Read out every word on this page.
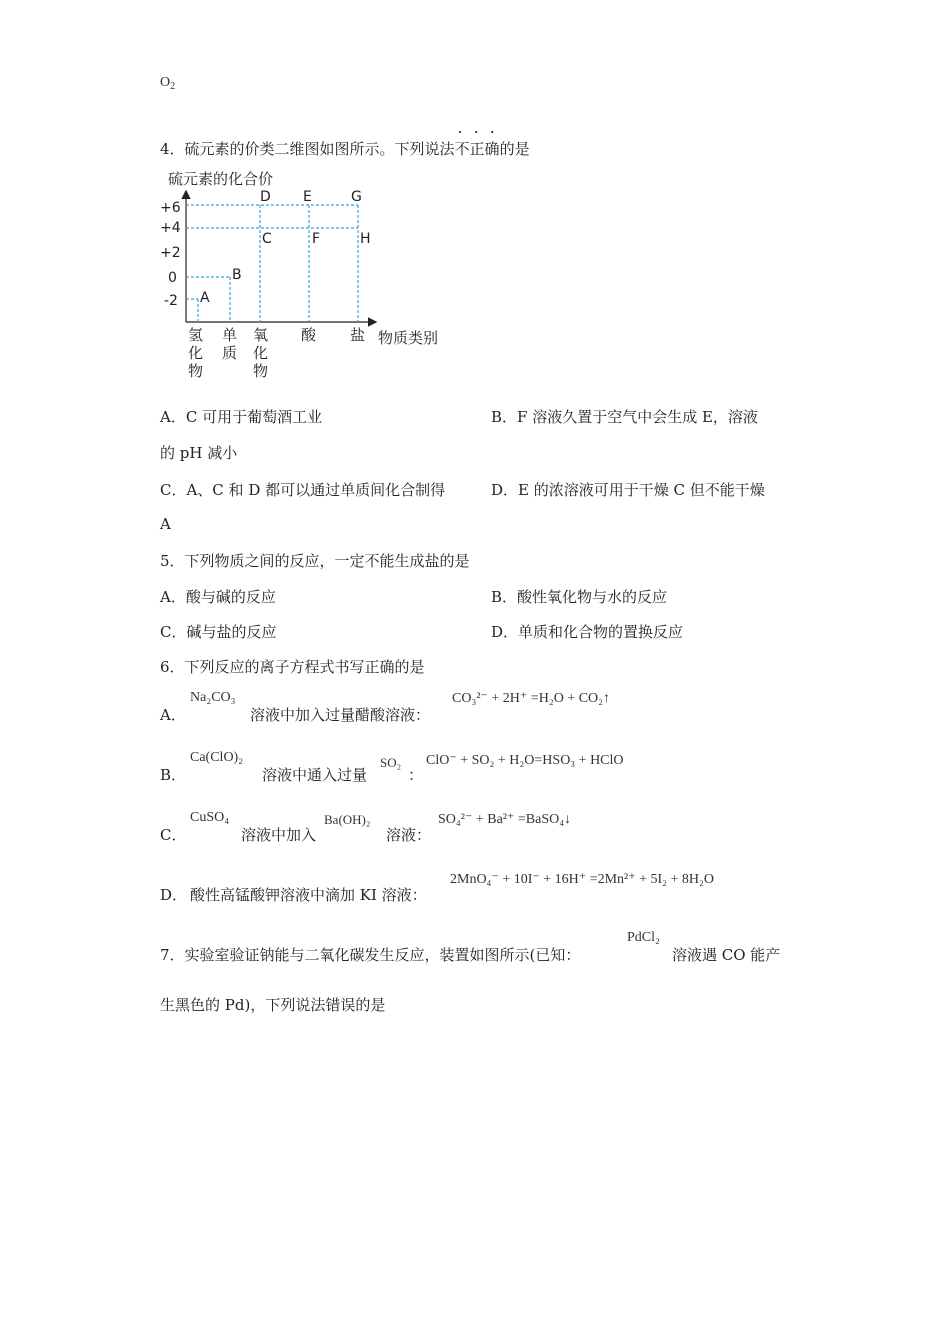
$O_2$
4．硫元素的价类二维图如图所示。下列说法
...
不正确的是
硫元素的化合价
+6
+4
+2
0
-2 A
B
C
D E
F
G
H
氢
化
物
单
质
氧
化
物
酸 盐 物质类别
A．C 可用于葡萄酒工业	B．F 溶液久置于空气中会生成 E，溶液
的 pH 减小
C．A、C 和 D 都可以通过单质间化合制得	D．E 的浓溶液可用于干燥 C 但不能干燥
A
5．下列物质之间的反应，一定不能生成盐的是
A．酸与碱的反应	B．酸性氧化物与水的反应
C．碱与盐的反应	D．单质和化合物的置换反应
6．下列反应的离子方程式书写正确的是
A．
Na₂CO₃
溶液中加入过量醋酸溶液：
CO₃²⁻ + 2H⁺ =H₂O + CO₂↑
B．
Ca(ClO)₂
溶液中通入过量
SO₂
：
ClO⁻ + SO₂ + H₂O=HSO₃ + HClO
C．
CuSO₄
溶液中加入
Ba(OH)₂
溶液：
SO₄²⁻ + Ba²⁺ =BaSO₄↓
D． 酸性高锰酸钾溶液中滴加 KI 溶液：
2MnO₄⁻ + 10I⁻ + 16H⁺ =2Mn²⁺ + 5I₂ + 8H₂O
7．实验室验证钠能与二氧化碳发生反应，装置如图所示(已知：
PdCl₂
溶液遇 CO 能产
生黑色的 Pd)，下列说法错误的是
